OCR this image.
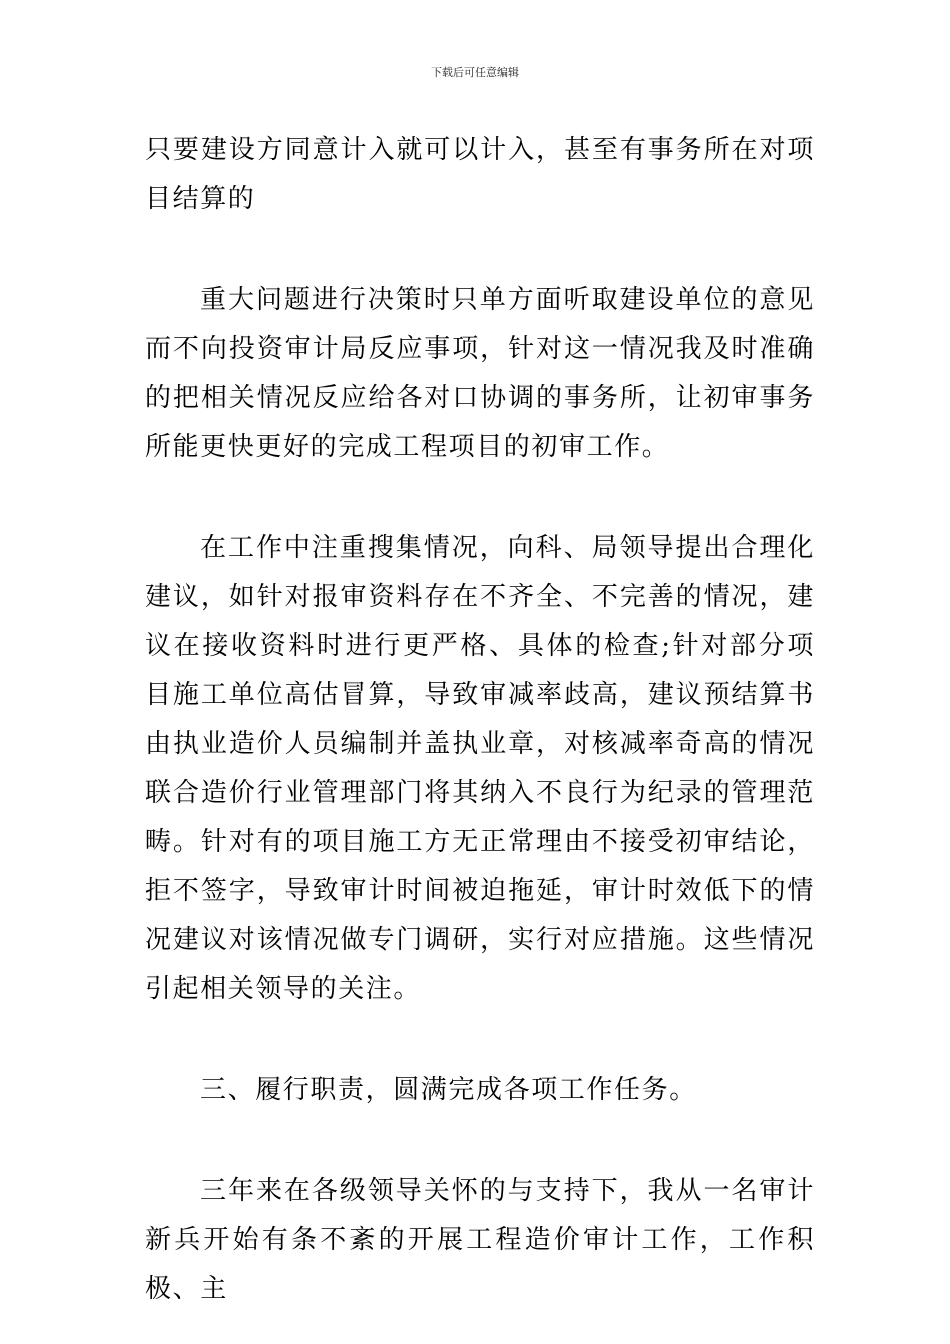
下载后可任意编辑

只要建设方同意计入就可以计入，甚至有事务所在对项目结算的

重大问题进行决策时只单方面听取建设单位的意见而不向投资审计局反应事项，针对这一情况我及时准确的把相关情况反应给各对口协调的事务所，让初审事务所能更快更好的完成工程项目的初审工作。

在工作中注重搜集情况，向科、局领导提出合理化建议，如针对报审资料存在不齐全、不完善的情况，建议在接收资料时进行更严格、具体的检查;针对部分项目施工单位高估冒算，导致审减率歧高，建议预结算书由执业造价人员编制并盖执业章，对核减率奇高的情况联合造价行业管理部门将其纳入不良行为纪录的管理范畴。针对有的项目施工方无正常理由不接受初审结论，拒不签字，导致审计时间被迫拖延，审计时效低下的情况建议对该情况做专门调研，实行对应措施。这些情况引起相关领导的关注。

三、履行职责，圆满完成各项工作任务。

三年来在各级领导关怀的与支持下，我从一名审计新兵开始有条不紊的开展工程造价审计工作，工作积极、主
